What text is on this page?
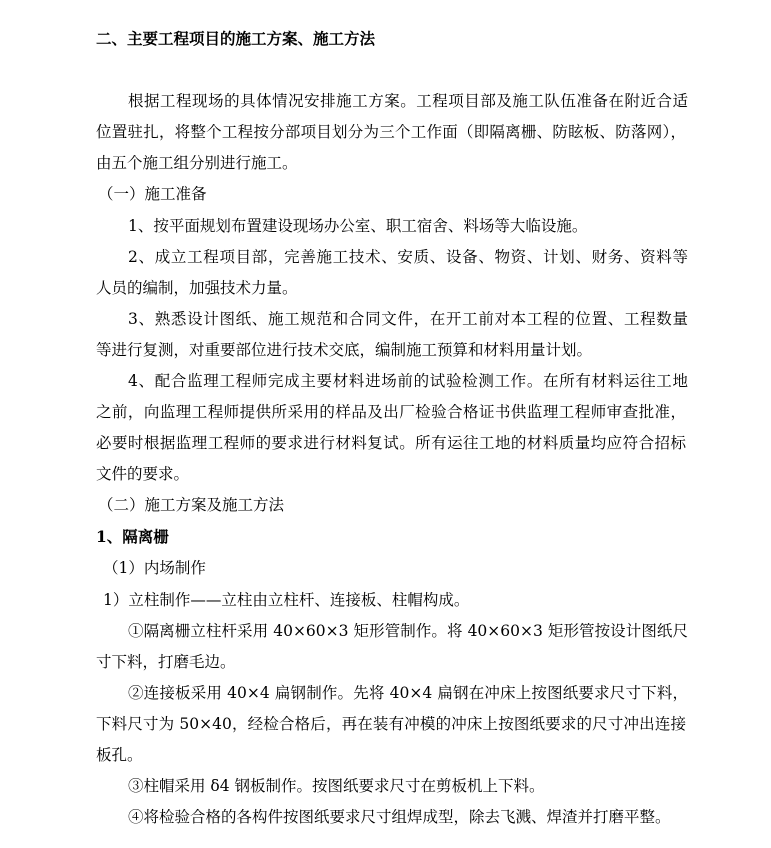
二、主要工程项目的施工方案、施工方法
根据工程现场的具体情况安排施工方案。工程项目部及施工队伍准备在附近合适
位置驻扎，将整个工程按分部项目划分为三个工作面（即隔离栅、防眩板、防落网），
由五个施工组分别进行施工。
（一）施工准备
1、按平面规划布置建设现场办公室、职工宿舍、料场等大临设施。
2、成立工程项目部，完善施工技术、安质、设备、物资、计划、财务、资料等
人员的编制，加强技术力量。
3、熟悉设计图纸、施工规范和合同文件，在开工前对本工程的位置、工程数量
等进行复测，对重要部位进行技术交底，编制施工预算和材料用量计划。
4、配合监理工程师完成主要材料进场前的试验检测工作。在所有材料运往工地
之前，向监理工程师提供所采用的样品及出厂检验合格证书供监理工程师审查批准，
必要时根据监理工程师的要求进行材料复试。所有运往工地的材料质量均应符合招标
文件的要求。
（二）施工方案及施工方法
1、隔离栅
（1）内场制作
1）立柱制作——立柱由立柱杆、连接板、柱帽构成。
①隔离栅立柱杆采用 40×60×3 矩形管制作。将 40×60×3 矩形管按设计图纸尺
寸下料，打磨毛边。
②连接板采用 40×4 扁钢制作。先将 40×4 扁钢在冲床上按图纸要求尺寸下料，
下料尺寸为 50×40，经检合格后，再在装有冲模的冲床上按图纸要求的尺寸冲出连接
板孔。
③柱帽采用 δ4 钢板制作。按图纸要求尺寸在剪板机上下料。
④将检验合格的各构件按图纸要求尺寸组焊成型，除去飞溅、焊渣并打磨平整。
